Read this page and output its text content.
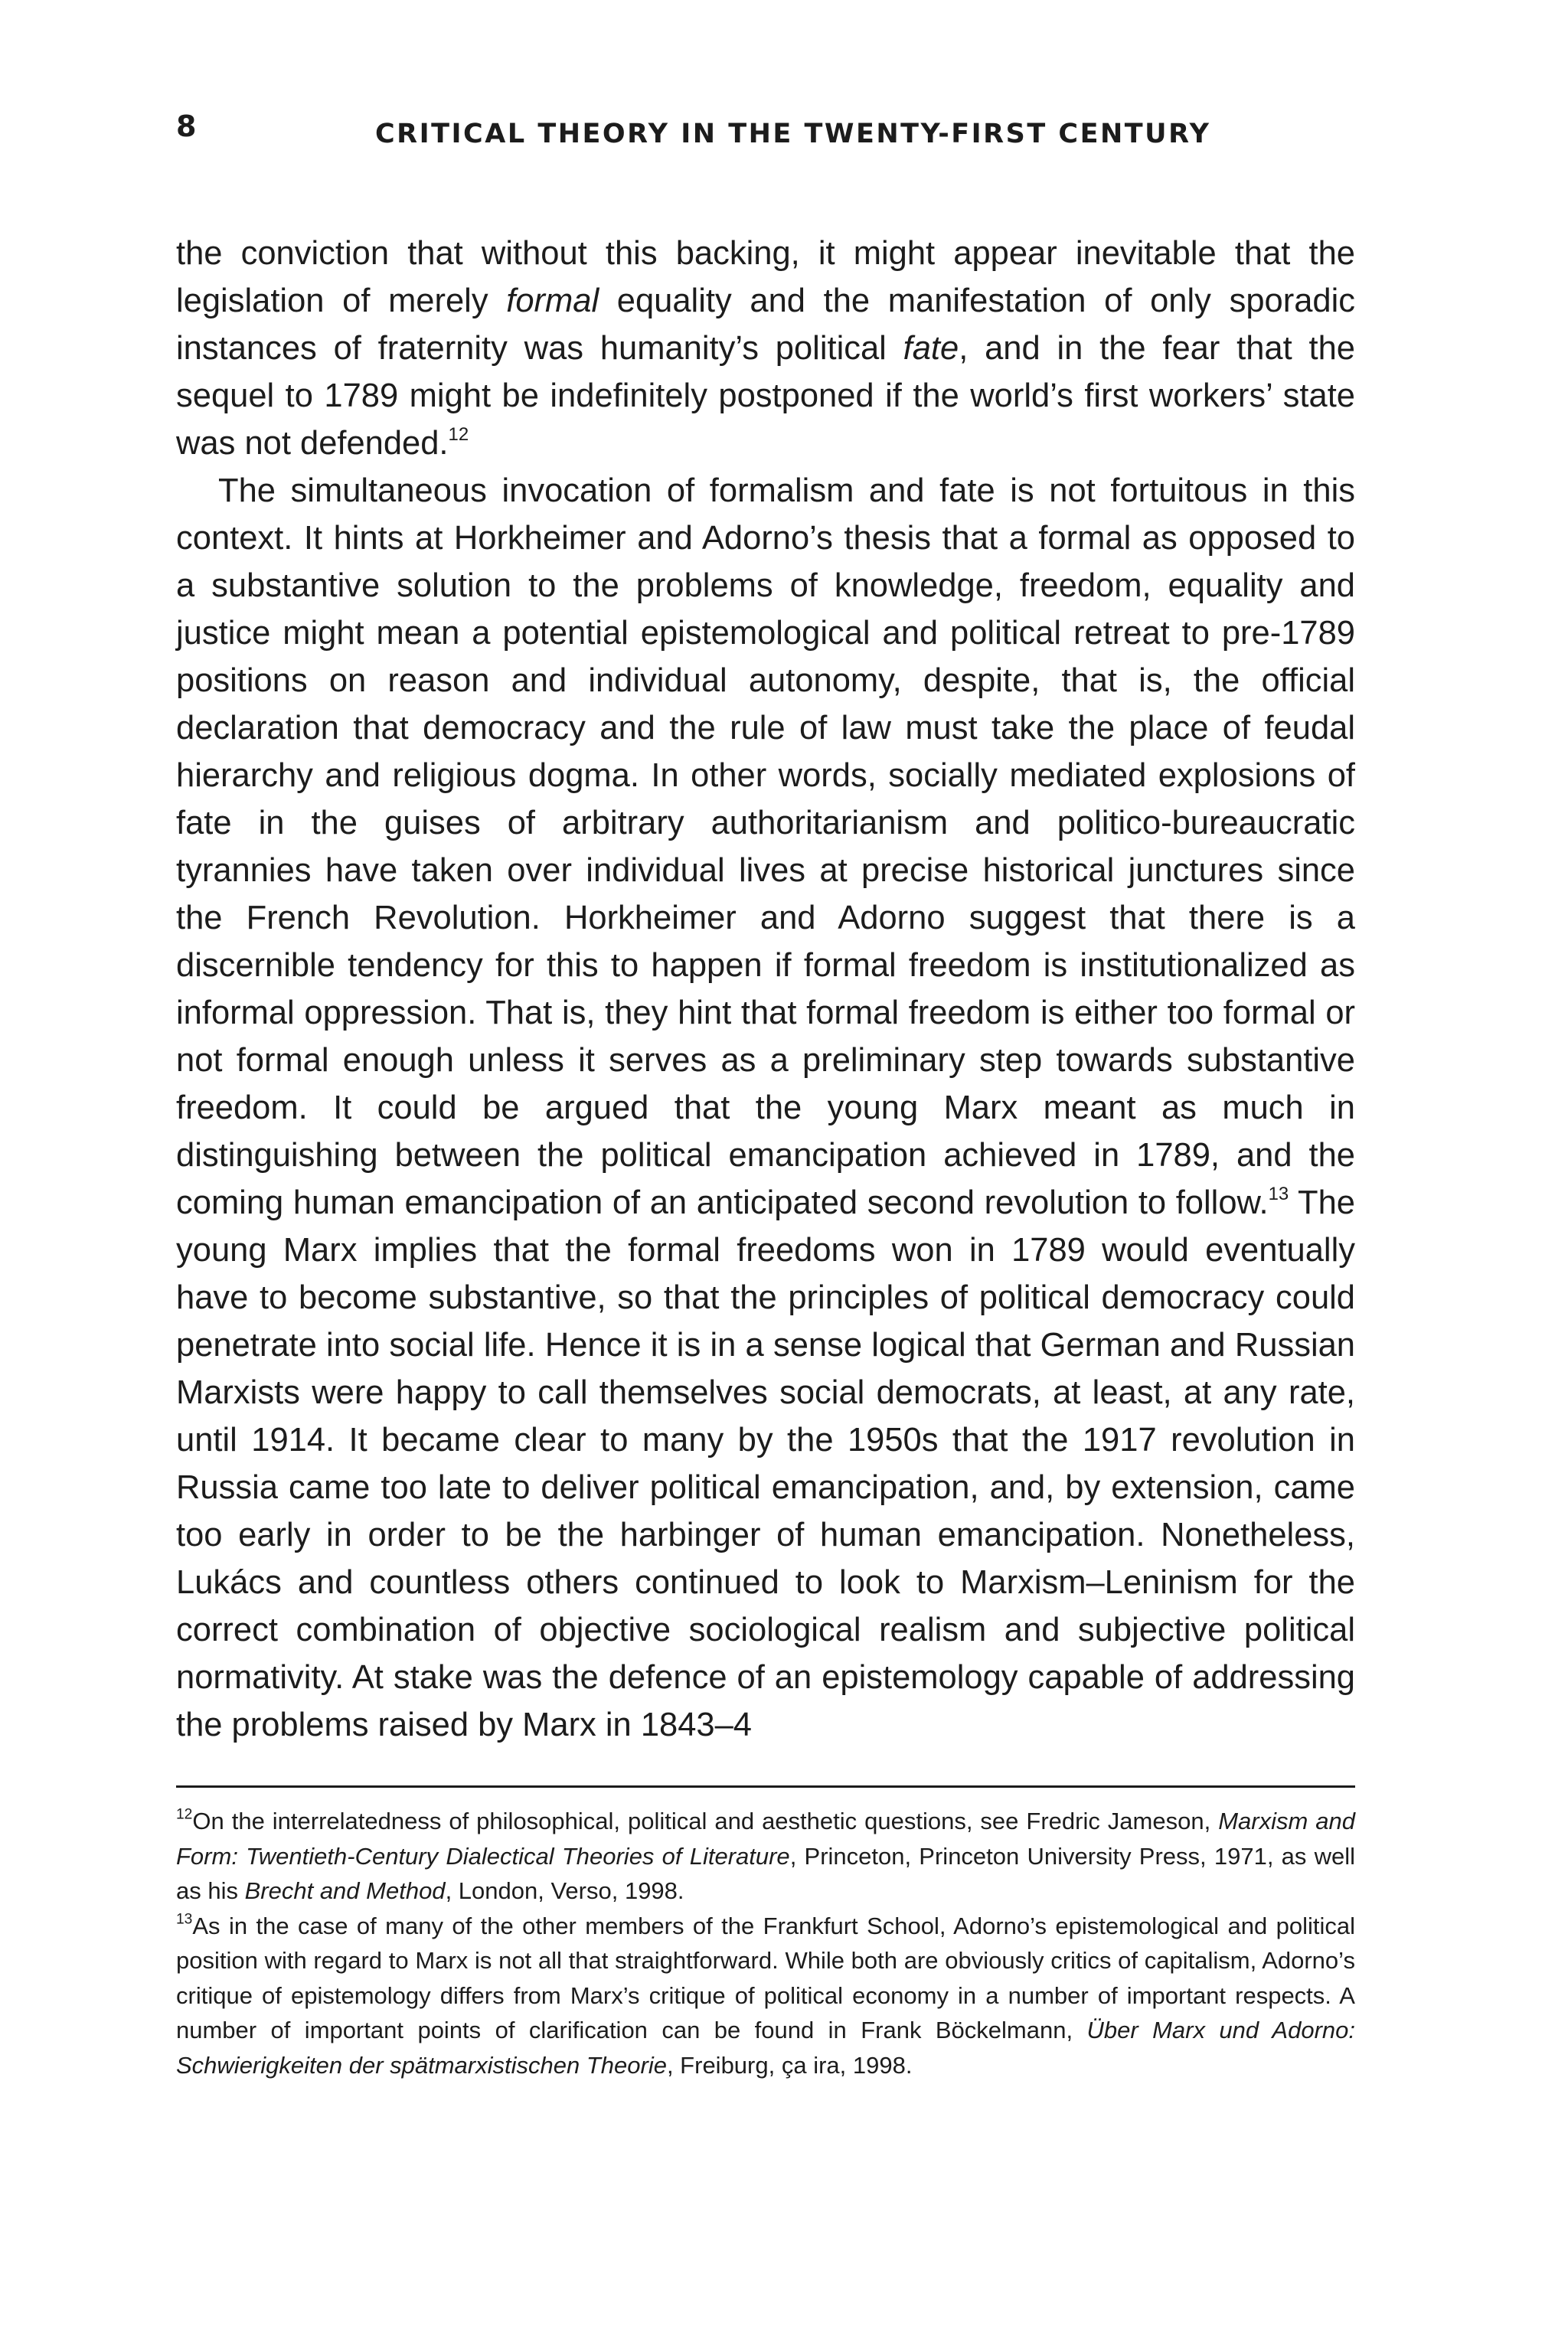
8	CRITICAL THEORY IN THE TWENTY-FIRST CENTURY

the conviction that without this backing, it might appear inevitable that the legislation of merely formal equality and the manifestation of only sporadic instances of fraternity was humanity’s political fate, and in the fear that the sequel to 1789 might be indefinitely postponed if the world’s first workers’ state was not defended.$^{12}$

The simultaneous invocation of formalism and fate is not fortuitous in this context. It hints at Horkheimer and Adorno’s thesis that a formal as opposed to a substantive solution to the problems of knowledge, freedom, equality and justice might mean a potential epistemological and political retreat to pre-1789 positions on reason and individual autonomy, despite, that is, the official declaration that democracy and the rule of law must take the place of feudal hierarchy and religious dogma. In other words, socially mediated explosions of fate in the guises of arbitrary authoritarianism and politico-bureaucratic tyrannies have taken over individual lives at precise historical junctures since the French Revolution. Horkheimer and Adorno suggest that there is a discernible tendency for this to happen if formal freedom is institutionalized as informal oppression. That is, they hint that formal freedom is either too formal or not formal enough unless it serves as a preliminary step towards substantive freedom. It could be argued that the young Marx meant as much in distinguishing between the political emancipation achieved in 1789, and the coming human emancipation of an anticipated second revolution to follow.$^{13}$ The young Marx implies that the formal freedoms won in 1789 would eventually have to become substantive, so that the principles of political democracy could penetrate into social life. Hence it is in a sense logical that German and Russian Marxists were happy to call themselves social democrats, at least, at any rate, until 1914. It became clear to many by the 1950s that the 1917 revolution in Russia came too late to deliver political emancipation, and, by extension, came too early in order to be the harbinger of human emancipation. Nonetheless, Lukács and countless others continued to look to Marxism–Leninism for the correct combination of objective sociological realism and subjective political normativity. At stake was the defence of an epistemology capable of addressing the problems raised by Marx in 1843–4

$^{12}$On the interrelatedness of philosophical, political and aesthetic questions, see Fredric Jameson, Marxism and Form: Twentieth-Century Dialectical Theories of Literature, Princeton, Princeton University Press, 1971, as well as his Brecht and Method, London, Verso, 1998.

$^{13}$As in the case of many of the other members of the Frankfurt School, Adorno’s epistemological and political position with regard to Marx is not all that straightforward. While both are obviously critics of capitalism, Adorno’s critique of epistemology differs from Marx’s critique of political economy in a number of important respects. A number of important points of clarification can be found in Frank Böckelmann, Über Marx und Adorno: Schwierigkeiten der spätmarxistischen Theorie, Freiburg, ça ira, 1998.
